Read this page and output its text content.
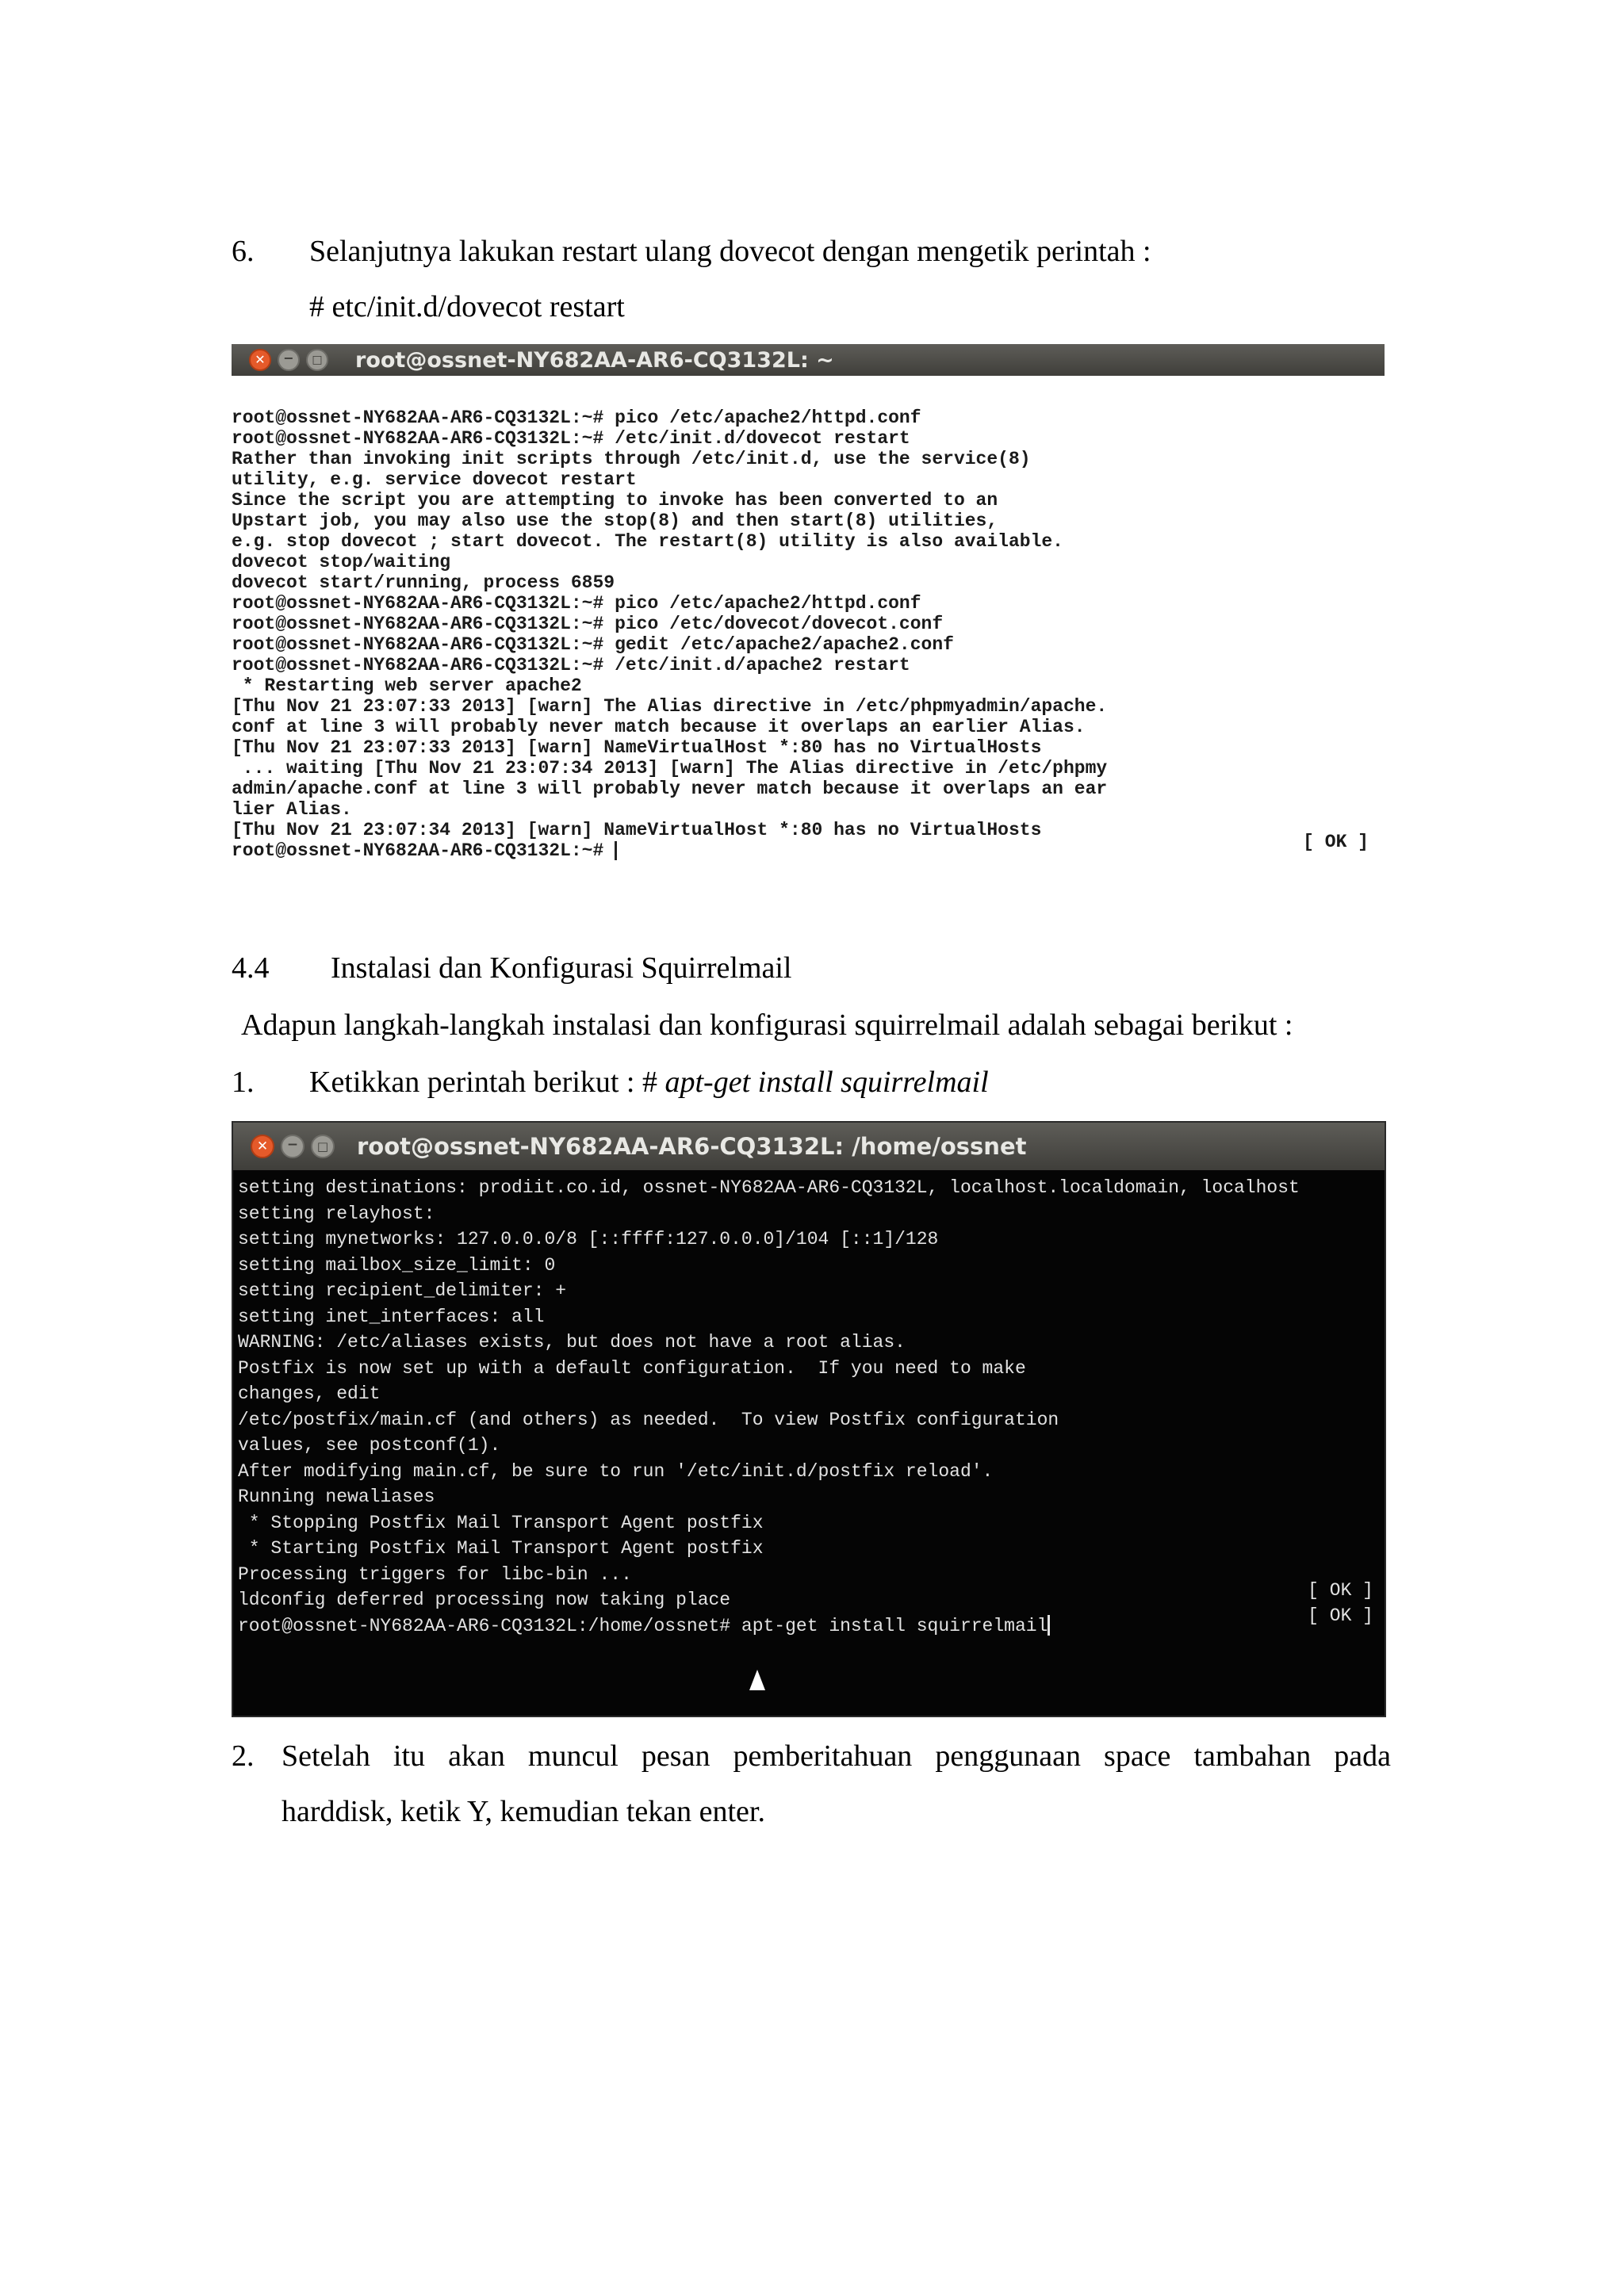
6. Selanjutnya lakukan restart ulang dovecot dengan mengetik perintah :
# etc/init.d/dovecot restart
✕	−	□ root@ossnet-NY682AA-AR6-CQ3132L: ~
root@ossnet-NY682AA-AR6-CQ3132L:~# pico /etc/apache2/httpd.conf
root@ossnet-NY682AA-AR6-CQ3132L:~# /etc/init.d/dovecot restart
Rather than invoking init scripts through /etc/init.d, use the service(8)
utility, e.g. service dovecot restart
Since the script you are attempting to invoke has been converted to an
Upstart job, you may also use the stop(8) and then start(8) utilities,
e.g. stop dovecot ; start dovecot. The restart(8) utility is also available.
dovecot stop/waiting
dovecot start/running, process 6859
root@ossnet-NY682AA-AR6-CQ3132L:~# pico /etc/apache2/httpd.conf
root@ossnet-NY682AA-AR6-CQ3132L:~# pico /etc/dovecot/dovecot.conf
root@ossnet-NY682AA-AR6-CQ3132L:~# gedit /etc/apache2/apache2.conf
root@ossnet-NY682AA-AR6-CQ3132L:~# /etc/init.d/apache2 restart
* Restarting web server apache2
[Thu Nov 21 23:07:33 2013] [warn] The Alias directive in /etc/phpmyadmin/apache.
conf at line 3 will probably never match because it overlaps an earlier Alias.
[Thu Nov 21 23:07:33 2013] [warn] NameVirtualHost *:80 has no VirtualHosts
... waiting [Thu Nov 21 23:07:34 2013] [warn] The Alias directive in /etc/phpmy
admin/apache.conf at line 3 will probably never match because it overlaps an ear
lier Alias.
[Thu Nov 21 23:07:34 2013] [warn] NameVirtualHost *:80 has no VirtualHosts
root@ossnet-NY682AA-AR6-CQ3132L:~#	[ OK ]
4.4 Instalasi dan Konfigurasi Squirrelmail
Adapun langkah-langkah instalasi dan konfigurasi squirrelmail adalah sebagai berikut :
1. Ketikkan perintah berikut : # apt-get install squirrelmail
✕	−	□ root@ossnet-NY682AA-AR6-CQ3132L: /home/ossnet
setting destinations: prodiit.co.id, ossnet-NY682AA-AR6-CQ3132L, localhost.localdomain, localhost
setting relayhost:
setting mynetworks: 127.0.0.0/8 [::ffff:127.0.0.0]/104 [::1]/128
setting mailbox_size_limit: 0
setting recipient_delimiter: +
setting inet_interfaces: all
WARNING: /etc/aliases exists, but does not have a root alias.
Postfix is now set up with a default configuration.  If you need to make
changes, edit
/etc/postfix/main.cf (and others) as needed.  To view Postfix configuration
values, see postconf(1).
After modifying main.cf, be sure to run '/etc/init.d/postfix reload'.
Running newaliases
* Stopping Postfix Mail Transport Agent postfix
* Starting Postfix Mail Transport Agent postfix
Processing triggers for libc-bin ...
ldconfig deferred processing now taking place
root@ossnet-NY682AA-AR6-CQ3132L:/home/ossnet# apt-get install squirrelmail
[ OK ]
[ OK ]
2. Setelah itu akan muncul pesan pemberitahuan penggunaan space tambahan pada
harddisk, ketik Y, kemudian tekan enter.
